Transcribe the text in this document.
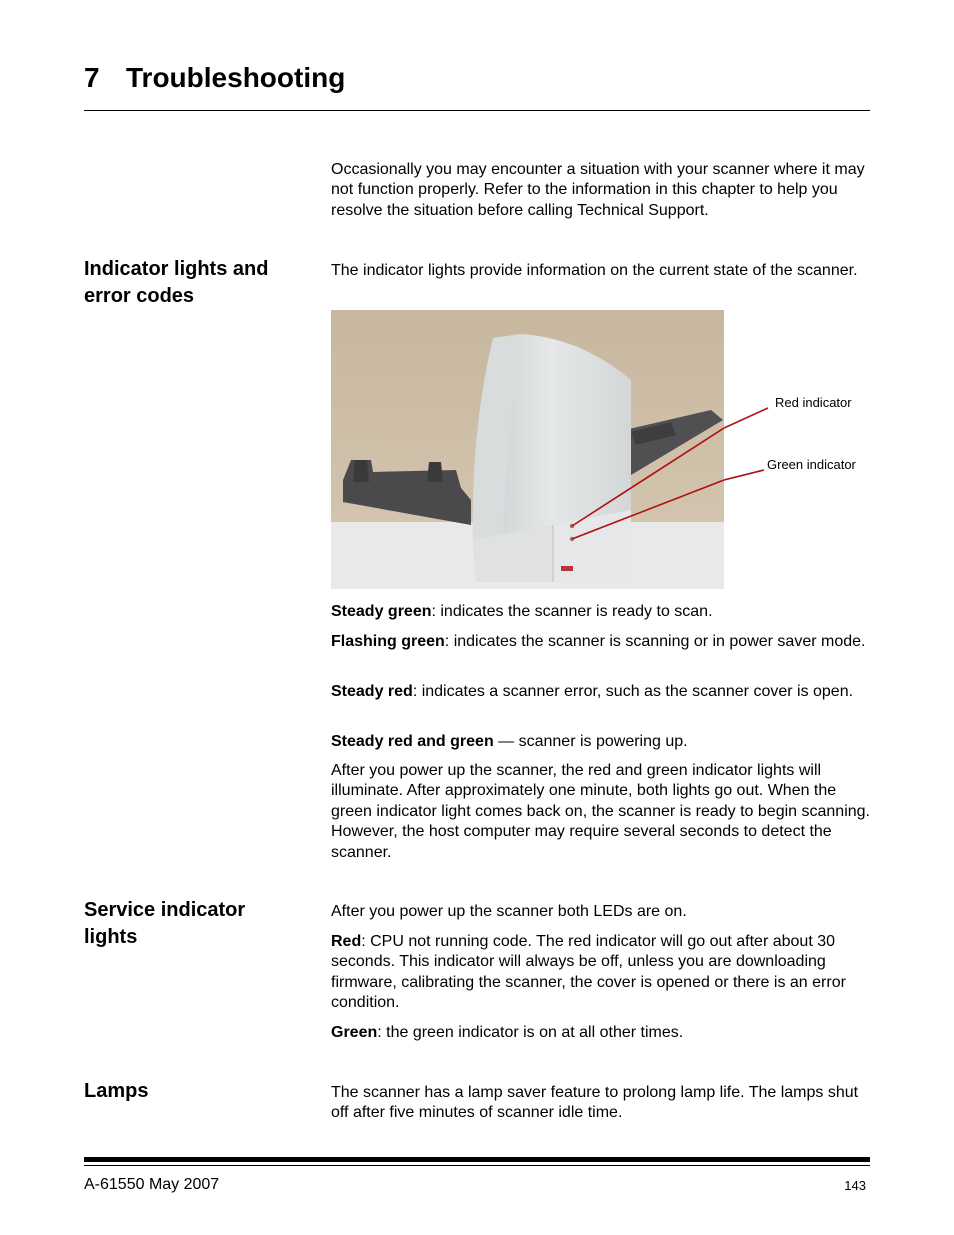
7 Troubleshooting

Occasionally you may encounter a situation with your scanner where it may not function properly. Refer to the information in this chapter to help you resolve the situation before calling Technical Support.

Indicator lights and error codes

The indicator lights provide information on the current state of the scanner.

Red indicator
Green indicator

Steady green: indicates the scanner is ready to scan.

Flashing green: indicates the scanner is scanning or in power saver mode.

Steady red: indicates a scanner error, such as the scanner cover is open.

Steady red and green — scanner is powering up.

After you power up the scanner, the red and green indicator lights will illuminate. After approximately one minute, both lights go out. When the green indicator light comes back on, the scanner is ready to begin scanning. However, the host computer may require several seconds to detect the scanner.

Service indicator lights

After you power up the scanner both LEDs are on.

Red: CPU not running code. The red indicator will go out after about 30 seconds. This indicator will always be off, unless you are downloading firmware, calibrating the scanner, the cover is opened or there is an error condition.

Green: the green indicator is on at all other times.

Lamps	The scanner has a lamp saver feature to prolong lamp life. The lamps shut off after five minutes of scanner idle time.

A-61550 May 2007	143
